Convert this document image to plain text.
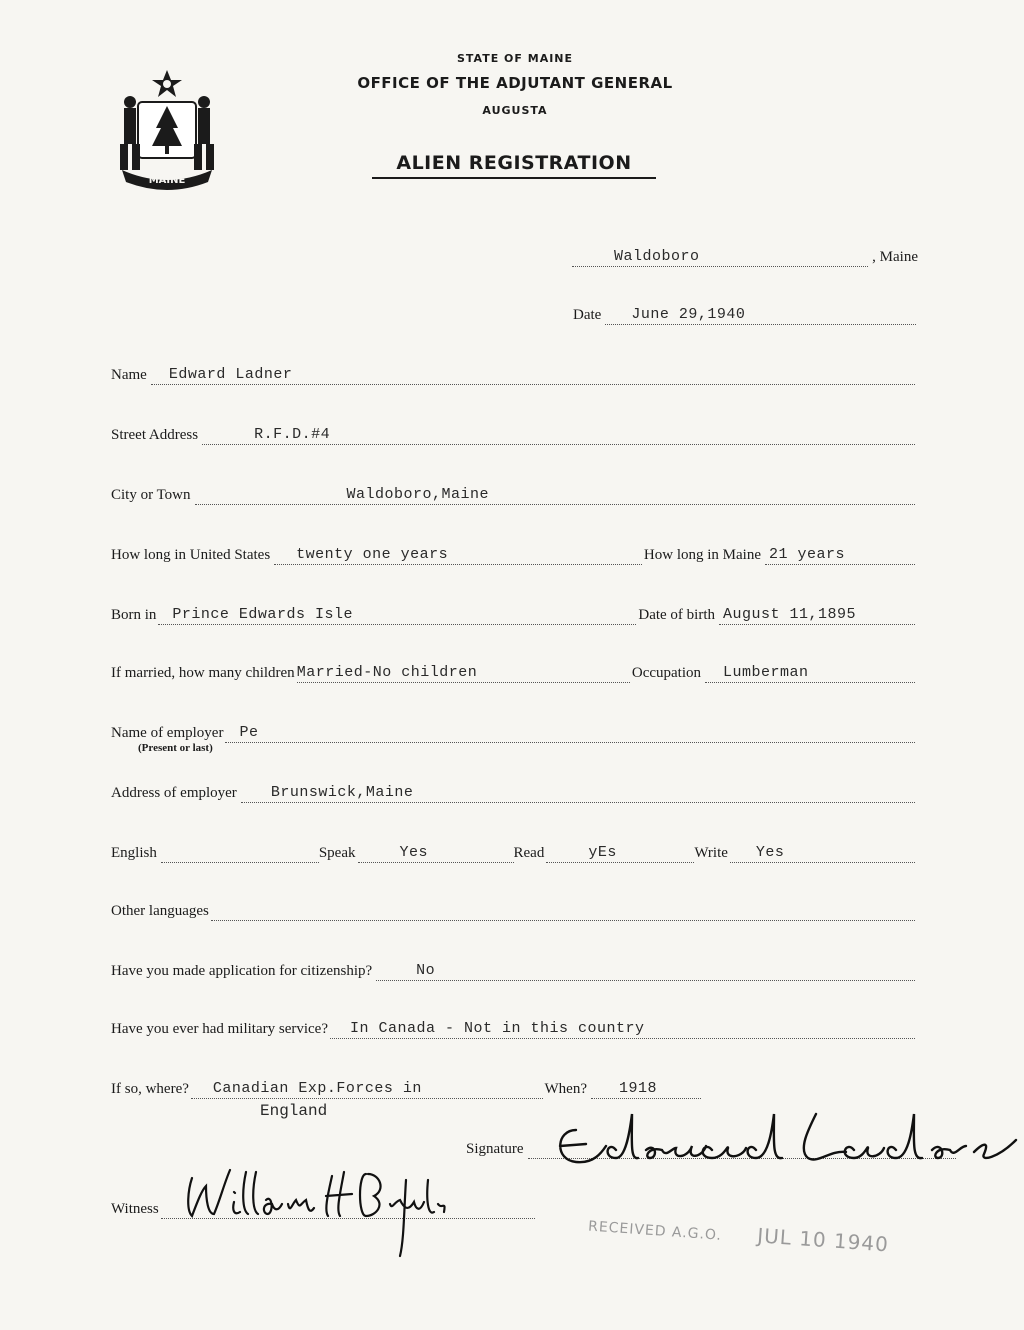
MAINE
STATE OF MAINE
OFFICE OF THE ADJUTANT GENERAL
AUGUSTA
ALIEN REGISTRATION
Waldoboro	, Maine
Date June 29,1940
Name Edward Ladner
Street Address	R.F.D.#4
City or Town	Waldoboro,Maine
How long in United States twenty one years	How long in Maine 21 years
Born in Prince Edwards Isle	Date of birth August 11,1895
If married, how many children Married-No children	Occupation Lumberman
Name of employer Pe
(Present or last)
Address of employer Brunswick,Maine
English	Speak	Yes	Read	yEs	Write Yes
Other languages
Have you made application for citizenship?	No
Have you ever had military service? In Canada - Not in this country
If so, where? Canadian Exp.Forces in	When? 1918
England
Signature
Edward Ladner
Witness
William H Brooks Jr
RECEIVED A.G.O. JUL 10 1940
